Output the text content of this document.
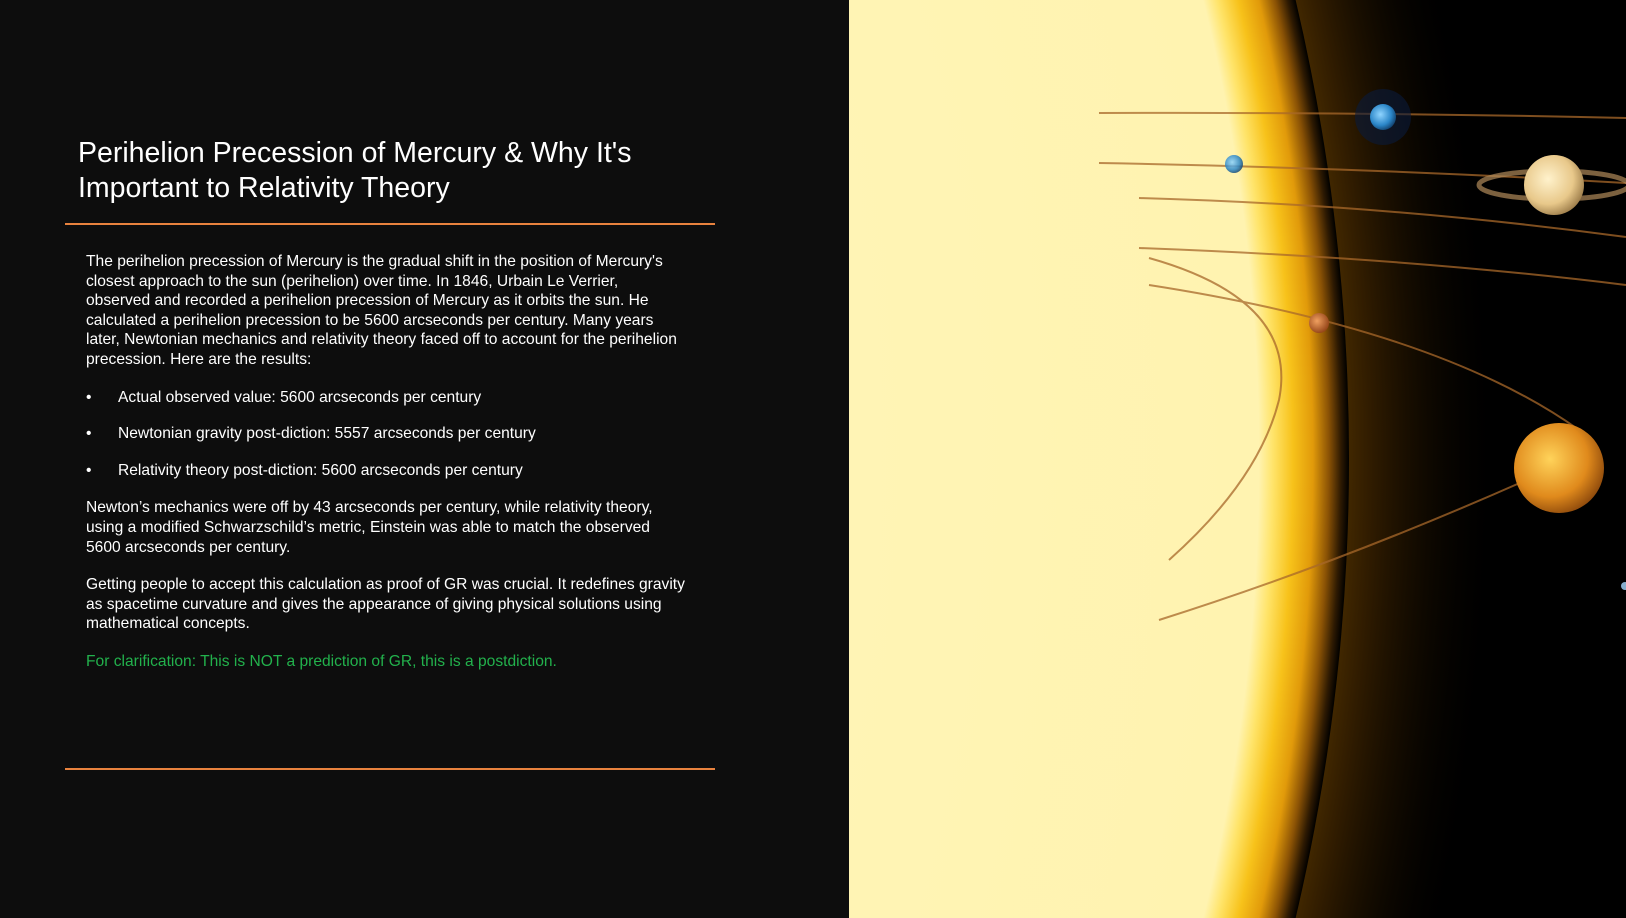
Perihelion Precession of Mercury & Why It's Important to Relativity Theory

The perihelion precession of Mercury is the gradual shift in the position of Mercury's closest approach to the sun (perihelion) over time. In 1846, Urbain Le Verrier, observed and recorded a perihelion precession of Mercury as it orbits the sun. He calculated a perihelion precession to be 5600 arcseconds per century. Many years later, Newtonian mechanics and relativity theory faced off to account for the perihelion precession. Here are the results:

• Actual observed value: 5600 arcseconds per century
• Newtonian gravity post-diction: 5557 arcseconds per century
• Relativity theory post-diction: 5600 arcseconds per century

Newton’s mechanics were off by 43 arcseconds per century, while relativity theory, using a modified Schwarzschild’s metric, Einstein was able to match the observed 5600 arcseconds per century.

Getting people to accept this calculation as proof of GR was crucial. It redefines gravity as spacetime curvature and gives the appearance of giving physical solutions using mathematical concepts.

For clarification: This is NOT a prediction of GR, this is a postdiction.
